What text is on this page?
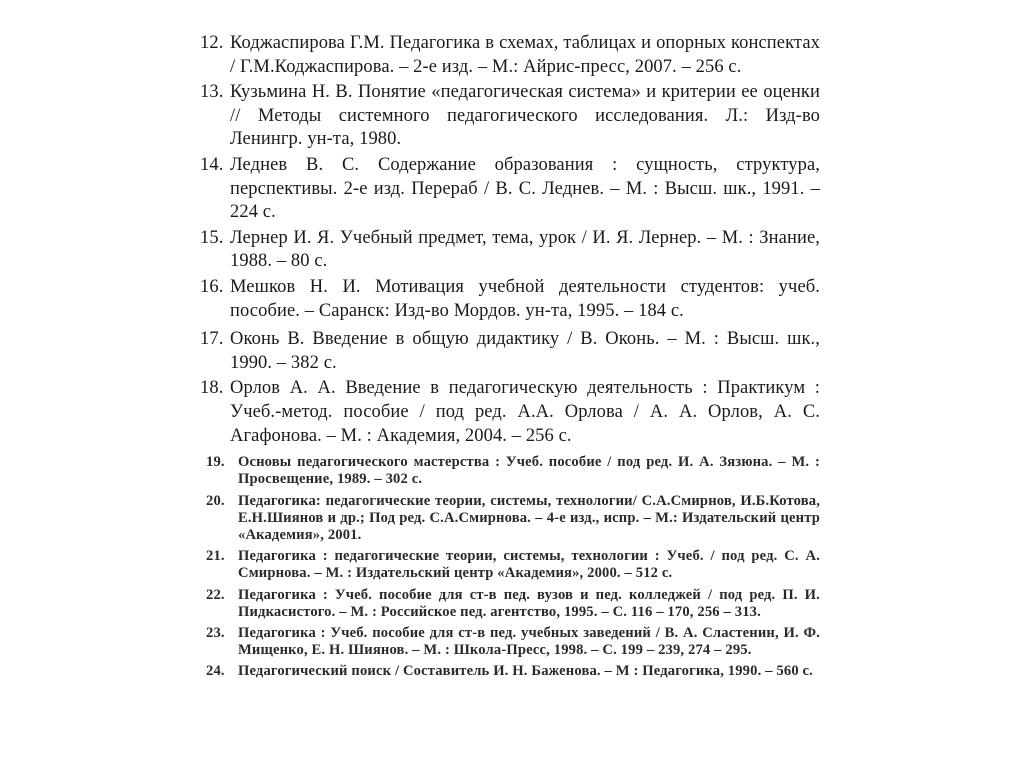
12. Коджаспирова Г.М. Педагогика в схемах, таблицах и опорных конспектах / Г.М.Коджаспирова. – 2-е изд. – М.: Айрис-пресс, 2007. – 256 с.
13. Кузьмина Н. В. Понятие «педагогическая система» и критерии ее оценки // Методы системного педагогического исследования. Л.: Изд-во Ленингр. ун-та, 1980.
14. Леднев В. С. Содержание образования : сущность, структура, перспективы. 2-е изд. Перераб / В. С. Леднев. – М. : Высш. шк., 1991. – 224 с.
15. Лернер И. Я. Учебный предмет, тема, урок / И. Я. Лернер. – М. : Знание, 1988. – 80 с.
16. Мешков Н. И. Мотивация учебной деятельности студентов: учеб. пособие. – Саранск: Изд-во Мордов. ун-та, 1995. – 184 с.
17. Оконь В. Введение в общую дидактику / В. Оконь. – М. : Высш. шк., 1990. – 382 с.
18. Орлов А. А. Введение в педагогическую деятельность : Практикум : Учеб.-метод. пособие / под ред. А.А. Орлова / А. А. Орлов, А. С. Агафонова. – М. : Академия, 2004. – 256 с.
19. Основы педагогического мастерства : Учеб. пособие / под ред. И. А. Зязюна. – М. : Просвещение, 1989. – 302 с.
20. Педагогика: педагогические теории, системы, технологии/ С.А.Смирнов, И.Б.Котова, Е.Н.Шиянов и др.; Под ред. С.А.Смирнова. – 4-е изд., испр. – М.: Издательский центр «Академия», 2001.
21. Педагогика : педагогические теории, системы, технологии : Учеб. / под ред. С. А. Смирнова. – М. : Издательский центр «Академия», 2000. – 512 с.
22. Педагогика : Учеб. пособие для ст-в пед. вузов и пед. колледжей / под ред. П. И. Пидкасистого. – М. : Российское пед. агентство, 1995. – С. 116 – 170, 256 – 313.
23. Педагогика : Учеб. пособие для ст-в пед. учебных заведений / В. А. Сластенин, И. Ф. Мищенко, Е. Н. Шиянов. – М. : Школа-Пресс, 1998. – С. 199 – 239, 274 – 295.
24. Педагогический поиск / Составитель И. Н. Баженова. – М : Педагогика, 1990. – 560 с.
